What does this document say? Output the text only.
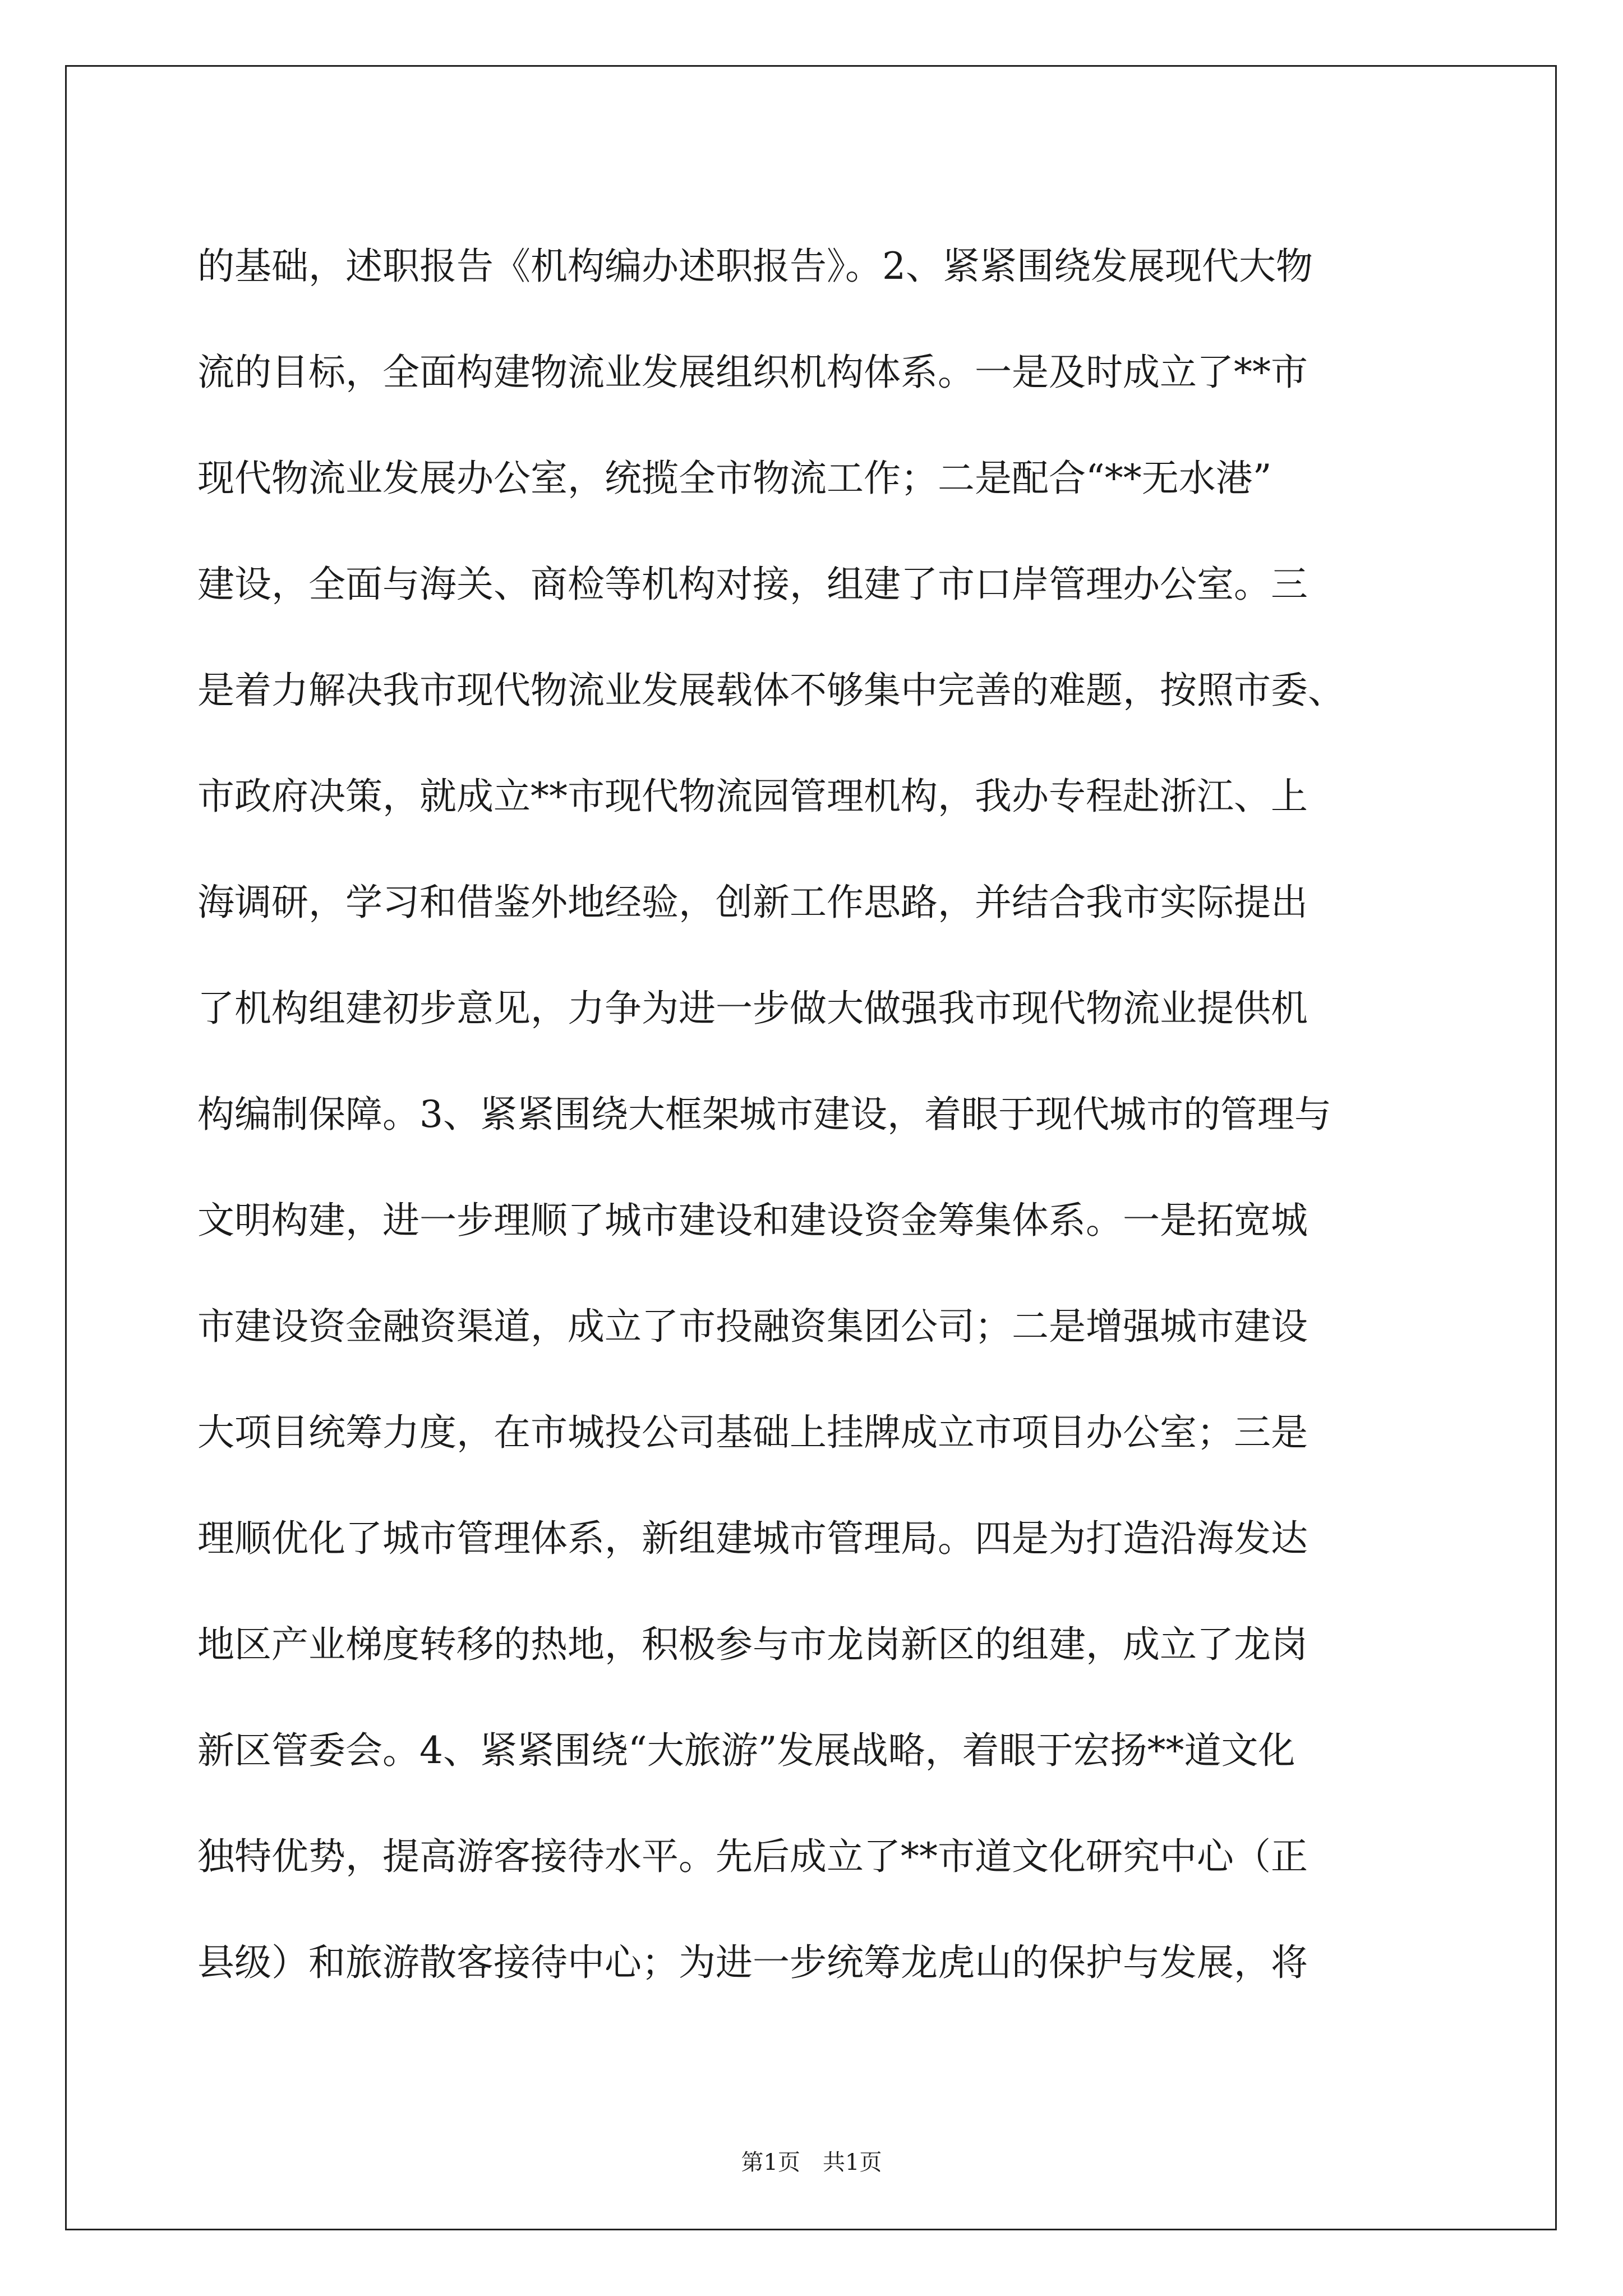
的基础，述职报告《机构编办述职报告》。2、紧紧围绕发展现代大物
流的目标，全面构建物流业发展组织机构体系。一是及时成立了**市
现代物流业发展办公室，统揽全市物流工作；二是配合“**无水港”
建设，全面与海关、商检等机构对接，组建了市口岸管理办公室。三
是着力解决我市现代物流业发展载体不够集中完善的难题，按照市委、
市政府决策，就成立**市现代物流园管理机构，我办专程赴浙江、上
海调研，学习和借鉴外地经验，创新工作思路，并结合我市实际提出
了机构组建初步意见，力争为进一步做大做强我市现代物流业提供机
构编制保障。3、紧紧围绕大框架城市建设，着眼于现代城市的管理与
文明构建，进一步理顺了城市建设和建设资金筹集体系。一是拓宽城
市建设资金融资渠道，成立了市投融资集团公司；二是增强城市建设
大项目统筹力度，在市城投公司基础上挂牌成立市项目办公室；三是
理顺优化了城市管理体系，新组建城市管理局。四是为打造沿海发达
地区产业梯度转移的热地，积极参与市龙岗新区的组建，成立了龙岗
新区管委会。4、紧紧围绕“大旅游”发展战略，着眼于宏扬**道文化
独特优势，提高游客接待水平。先后成立了**市道文化研究中心（正
县级）和旅游散客接待中心；为进一步统筹龙虎山的保护与发展，将
第1页　共1页
